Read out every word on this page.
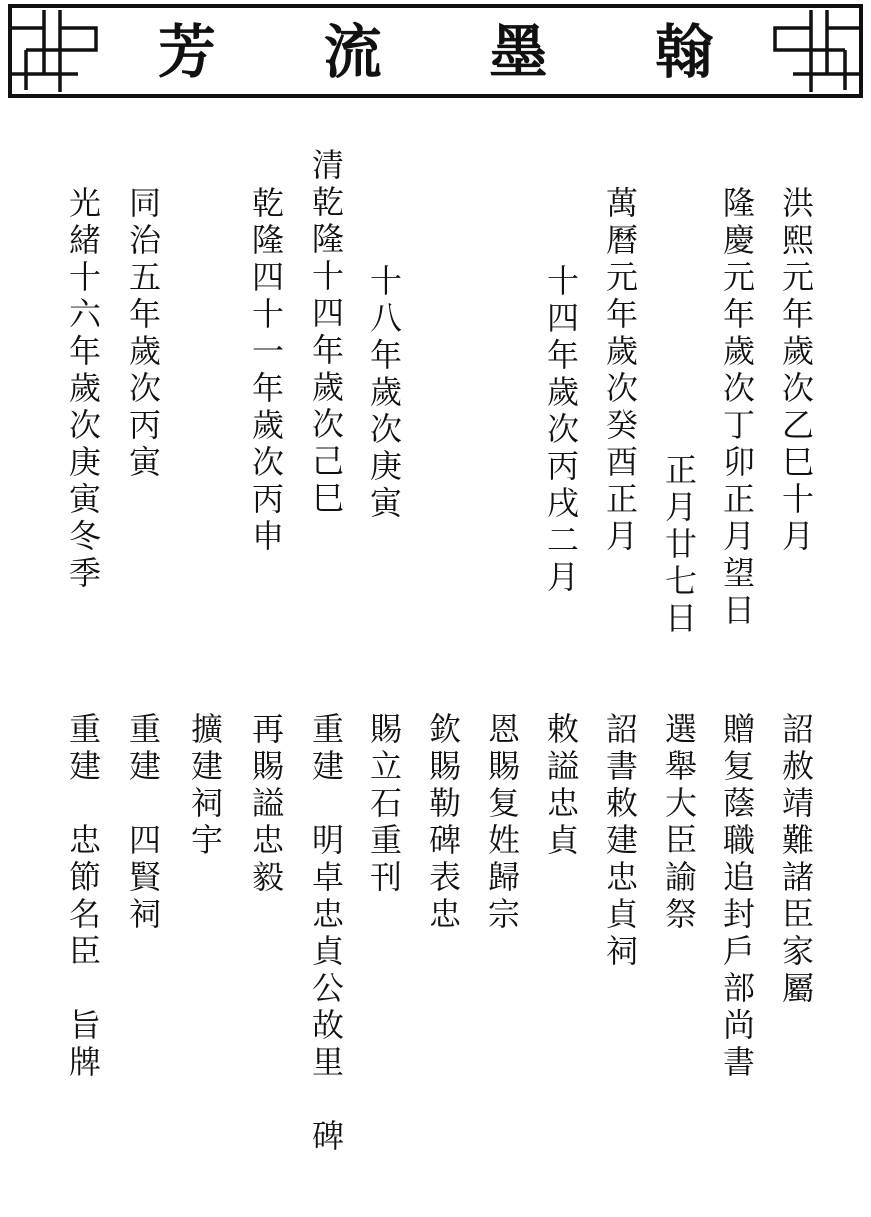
芳 流 墨 翰
洪熙元年歲次乙巳十月
隆慶元年歲次丁卯正月望日
正月廿七日
萬曆元年歲次癸酉正月
十四年歲次丙戌二月
清乾隆十四年歲次己巳 十八年歲次庚寅
乾隆四十一年歲次丙申
同治五年歲次丙寅
光緒十六年歲次庚寅冬季
詔赦靖難諸臣家屬
贈复蔭職追封戶部尚書
選舉大臣諭祭
詔書敕建忠貞祠
敕謚忠貞
恩賜复姓歸宗
欽賜勒碑表忠
賜立石重刊
重建　明卓忠貞公故里　碑
再賜謚忠毅
擴建祠宇
重建　四賢祠
重建　忠節名臣　旨牌
